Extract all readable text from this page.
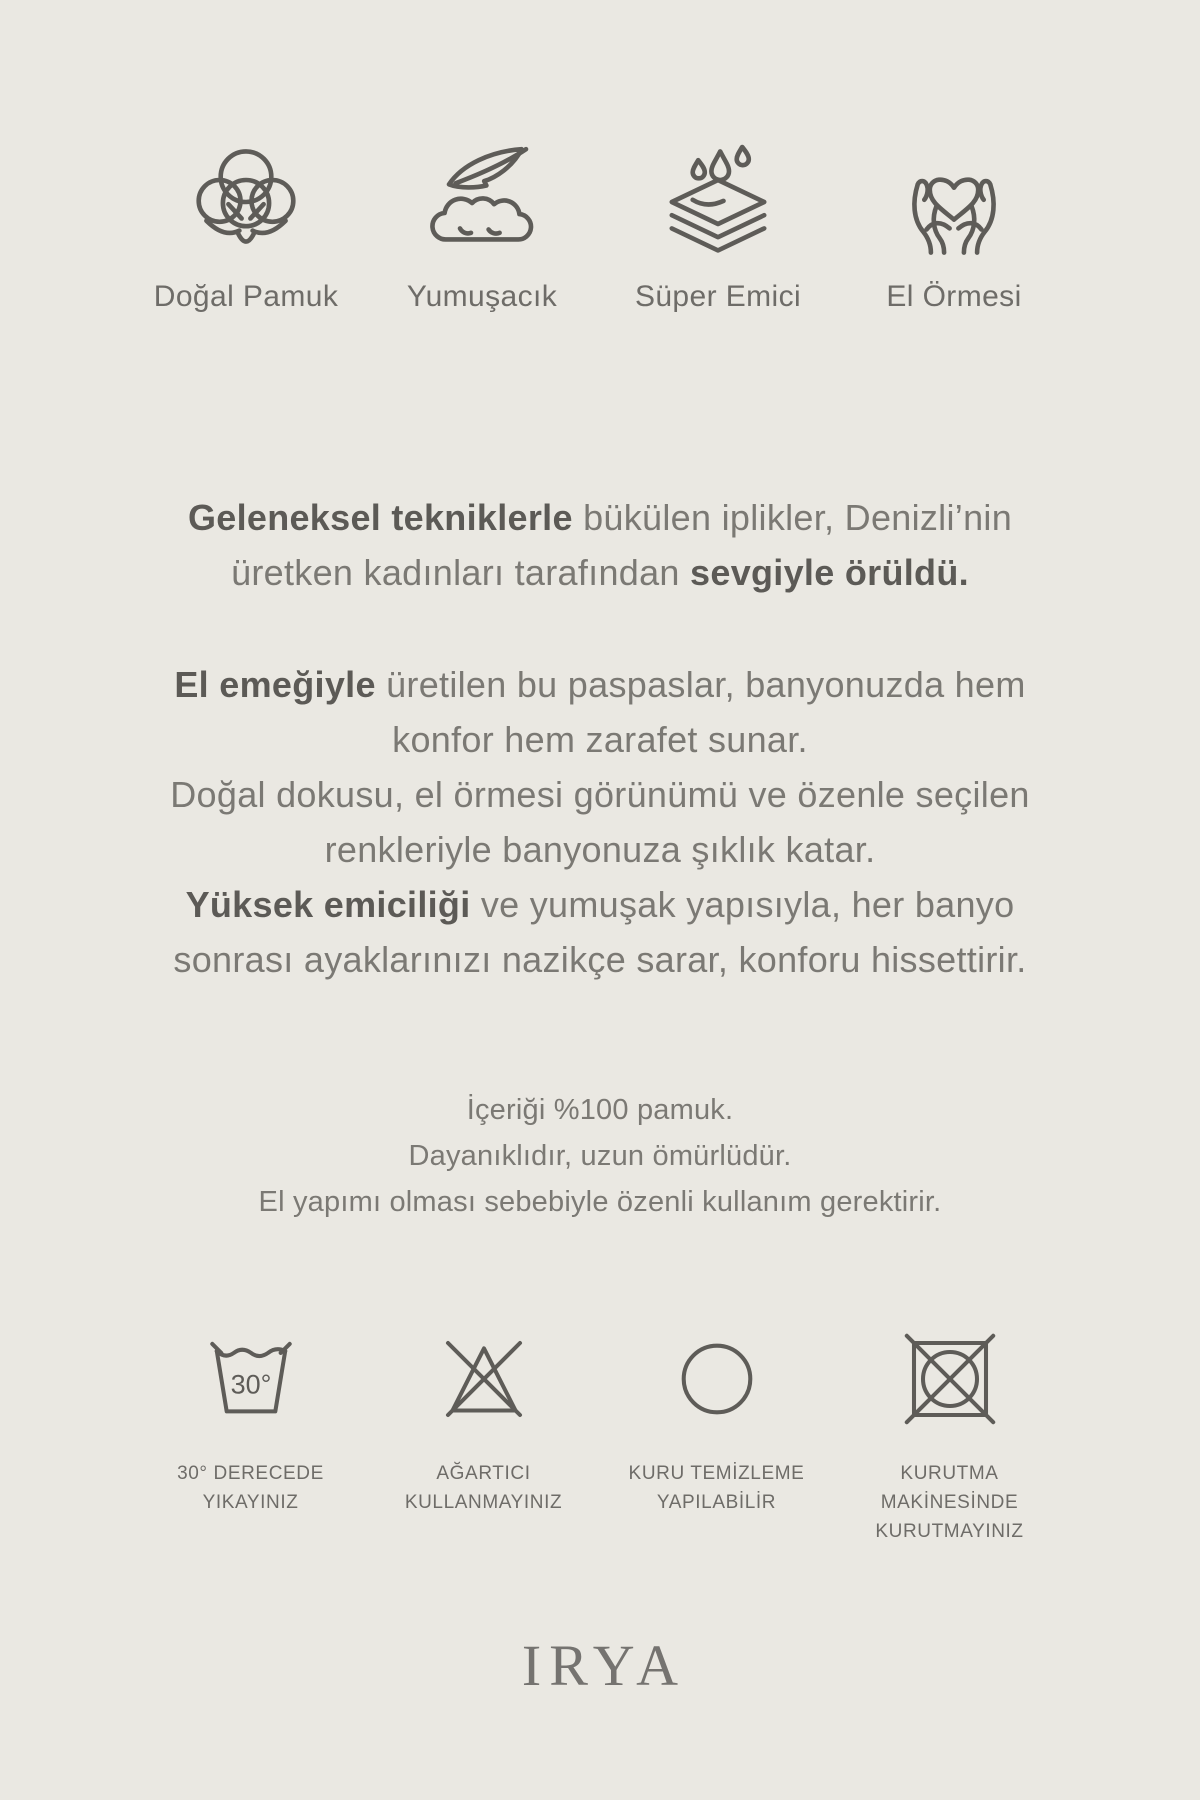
Doğal Pamuk Yumuşacık	Süper Emici	El Örmesi
Geleneksel tekniklerle bükülen iplikler, Denizli’nin
üretken kadınları tarafından sevgiyle örüldü.
El emeğiyle üretilen bu paspaslar, banyonuzda hem
konfor hem zarafet sunar.
Doğal dokusu, el örmesi görünümü ve özenle seçilen
renkleriyle banyonuza şıklık katar.
Yüksek emiciliği ve yumuşak yapısıyla, her banyo
sonrası ayaklarınızı nazikçe sarar, konforu hissettirir.
İçeriği %100 pamuk.
Dayanıklıdır, uzun ömürlüdür.
El yapımı olması sebebiyle özenli kullanım gerektirir.
30°
30° DERECEDE
YIKAYINIZ
AĞARTICI
KULLANMAYINIZ
KURU TEMİZLEME
YAPILABİLİR
KURUTMA MAKİNESİNDE
KURUTMAYINIZ
IRYA
